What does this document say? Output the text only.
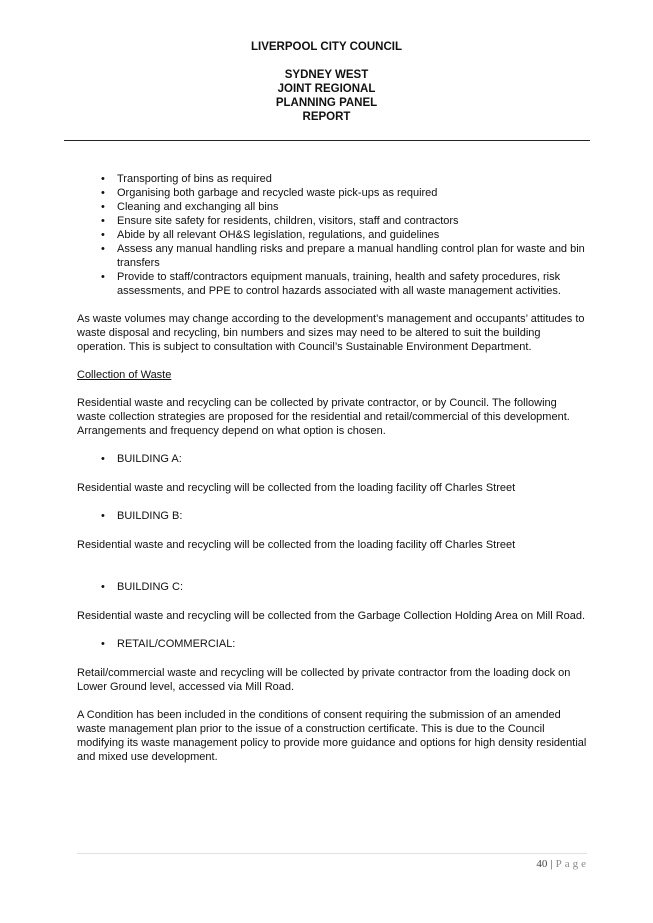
LIVERPOOL CITY COUNCIL
SYDNEY WEST
JOINT REGIONAL
PLANNING PANEL
REPORT
• Transporting of bins as required
• Organising both garbage and recycled waste pick-ups as required
• Cleaning and exchanging all bins
• Ensure site safety for residents, children, visitors, staff and contractors
• Abide by all relevant OH&S legislation, regulations, and guidelines
• Assess any manual handling risks and prepare a manual handling control plan for waste and bin transfers
• Provide to staff/contractors equipment manuals, training, health and safety procedures, risk assessments, and PPE to control hazards associated with all waste management activities.

As waste volumes may change according to the development’s management and occupants’ attitudes to waste disposal and recycling, bin numbers and sizes may need to be altered to suit the building operation. This is subject to consultation with Council’s Sustainable Environment Department.

Collection of Waste

Residential waste and recycling can be collected by private contractor, or by Council. The following waste collection strategies are proposed for the residential and retail/commercial of this development. Arrangements and frequency depend on what option is chosen.

• BUILDING A:

Residential waste and recycling will be collected from the loading facility off Charles Street

• BUILDING B:

Residential waste and recycling will be collected from the loading facility off Charles Street

• BUILDING C:

Residential waste and recycling will be collected from the Garbage Collection Holding Area on Mill Road.

• RETAIL/COMMERCIAL:

Retail/commercial waste and recycling will be collected by private contractor from the loading dock on Lower Ground level, accessed via Mill Road.

A Condition has been included in the conditions of consent requiring the submission of an amended waste management plan prior to the issue of a construction certificate. This is due to the Council modifying its waste management policy to provide more guidance and options for high density residential and mixed use development.

40 | Page
